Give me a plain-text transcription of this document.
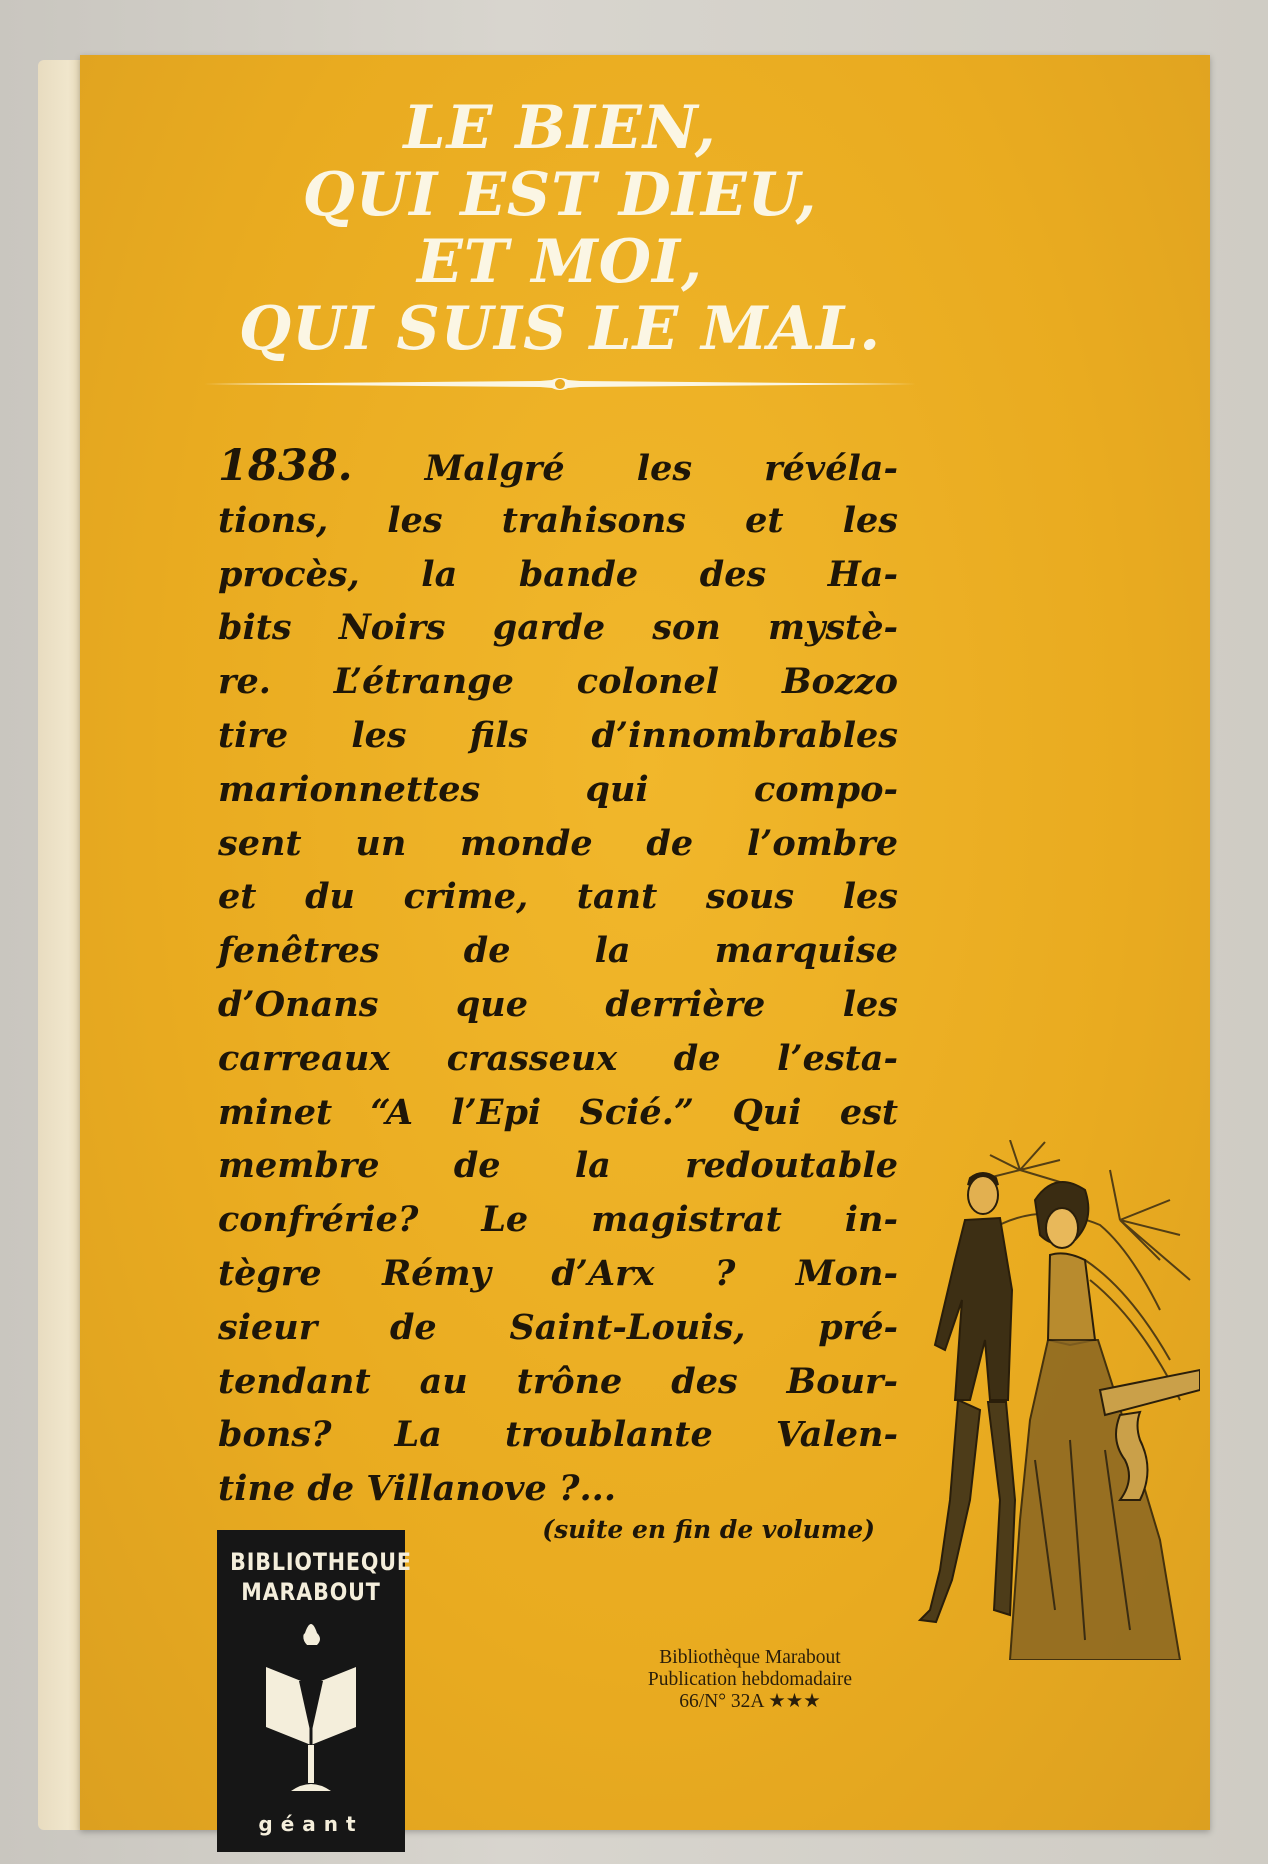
LE BIEN,
QUI EST DIEU,
ET MOI,
QUI SUIS LE MAL.
1838. Malgré les révéla-
tions, les trahisons et les
procès, la bande des Ha-
bits Noirs garde son mystè-
re. L’étrange colonel Bozzo
tire les fils d’innombrables
marionnettes qui compo-
sent un monde de l’ombre
et du crime, tant sous les
fenêtres de la marquise
d’Onans que derrière les
carreaux crasseux de l’esta-
minet “A l’Epi Scié.” Qui est
membre de la redoutable
confrérie? Le magistrat in-
tègre Rémy d’Arx ? Mon-
sieur de Saint-Louis, pré-
tendant au trône des Bour-
bons? La troublante Valen-
tine de Villanove ?...
(suite en fin de volume)
BIBLIOTHEQUE
MARABOUT
géant
Bibliothèque Marabout
Publication hebdomadaire
66/N° 32A ★★★
